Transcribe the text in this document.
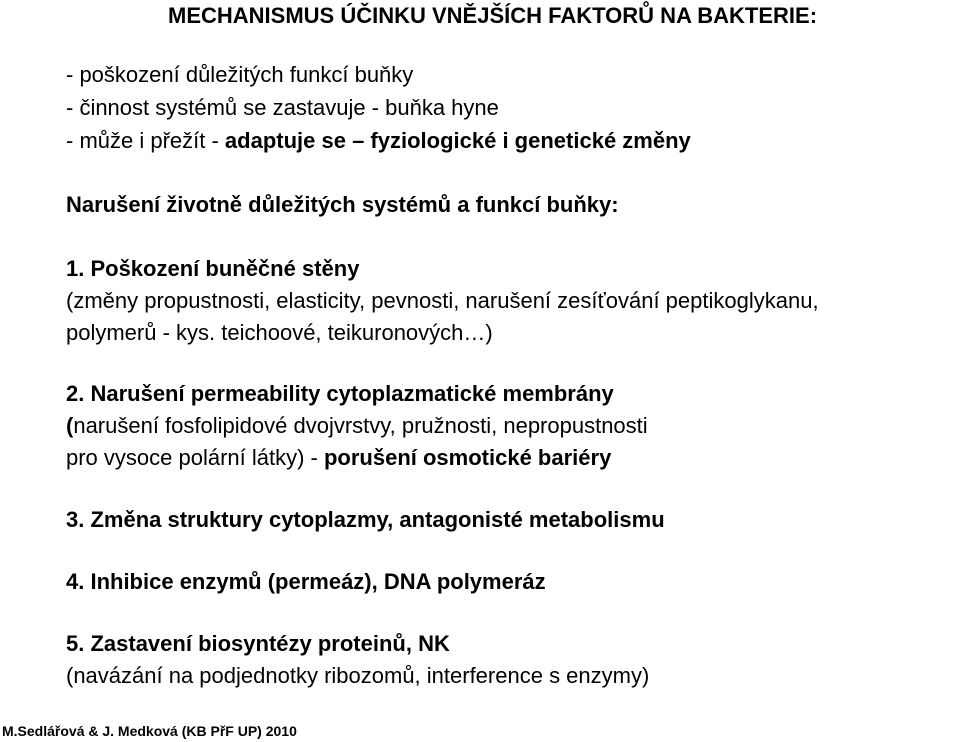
MECHANISMUS ÚČINKU VNĚJŠÍCH FAKTORŮ NA BAKTERIE:

- poškození důležitých funkcí buňky

- činnost systémů se zastavuje - buňka hyne

- může i přežít - adaptuje se – fyziologické i genetické změny

Narušení životně důležitých systémů a funkcí buňky:

1. Poškození buněčné stěny

(změny propustnosti, elasticity, pevnosti, narušení zesíťování peptikoglykanu,

polymerů - kys. teichoové, teikuronových…)

2. Narušení permeability cytoplazmatické membrány

(narušení fosfolipidové dvojvrstvy, pružnosti, nepropustnosti

pro vysoce polární látky) - porušení osmotické bariéry

3. Změna struktury cytoplazmy, antagonisté metabolismu

4. Inhibice enzymů (permeáz), DNA polymeráz

5. Zastavení biosyntézy proteinů, NK

(navázání na podjednotky ribozomů, interference s enzymy)

M.Sedlářová & J. Medková (KB PřF UP) 2010
